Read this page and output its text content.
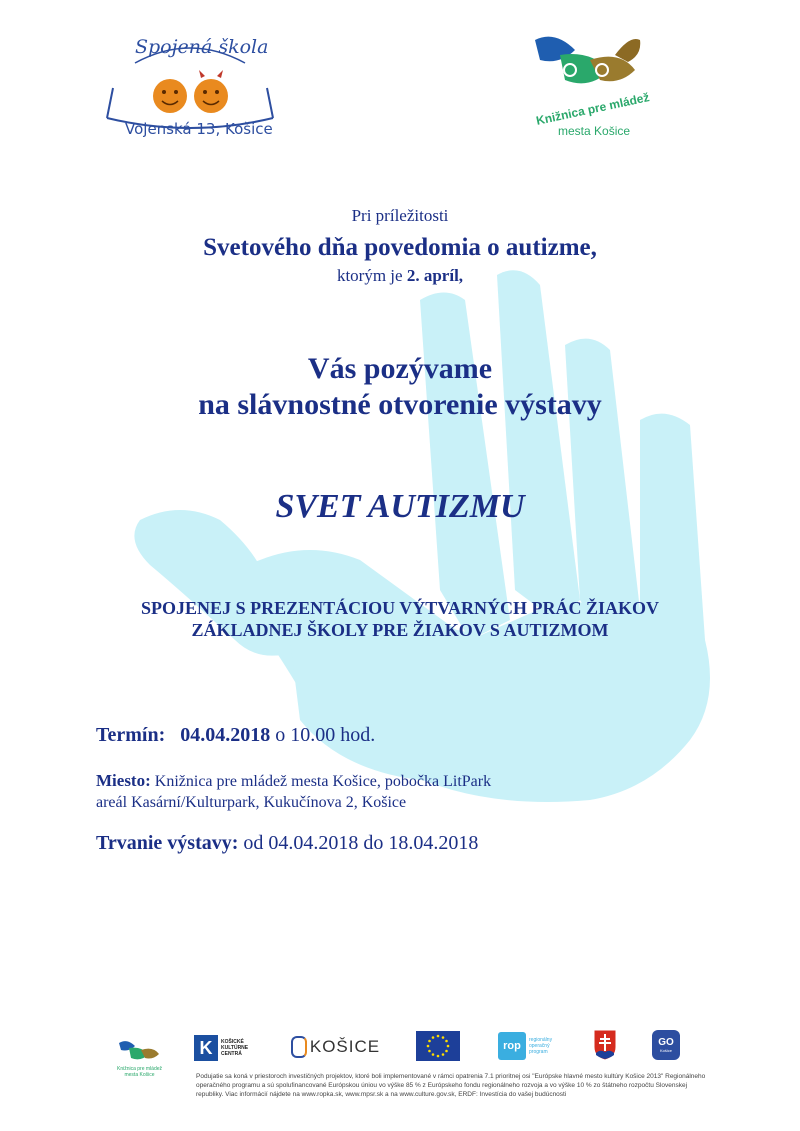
Spojená škola
Vojenská 13, Košice
Knižnica pre mládež
mesta Košice
Pri príležitosti
Svetového dňa povedomia o autizme,
ktorým je 2. apríl,
Vás pozývame
na slávnostné otvorenie výstavy
SVET AUTIZMU
SPOJENEJ S PREZENTÁCIOU VÝTVARNÝCH PRÁC ŽIAKOV
ZÁKLADNEJ ŠKOLY PRE ŽIAKOV S AUTIZMOM
Termín: 04.04.2018 o 10.00 hod.
Miesto: Knižnica pre mládež mesta Košice, pobočka LitPark
areál Kasární/Kulturpark, Kukučínova 2, Košice
Trvanie výstavy: od 04.04.2018 do 18.04.2018
Knižnica pre mládež mesta Košice
K	KOŠICKÉ
KULTÚRNE
CENTRÁ	KOŠICE	rop	regionálny
operačný
program
GO
Košice
Podujatie sa koná v priestoroch investičných projektov, ktoré boli implementované v rámci opatrenia 7.1 prioritnej osi "Európske hlavné mesto kultúry Košice 2013" Regionálneho operačného programu a sú spolufinancované Európskou úniou vo výške 85 % z Európskeho fondu regionálneho rozvoja a vo výške 10 % zo štátneho rozpočtu Slovenskej republiky. Viac informácií nájdete na www.ropka.sk, www.mpsr.sk a na www.culture.gov.sk, ERDF: Investícia do vašej budúcnosti
